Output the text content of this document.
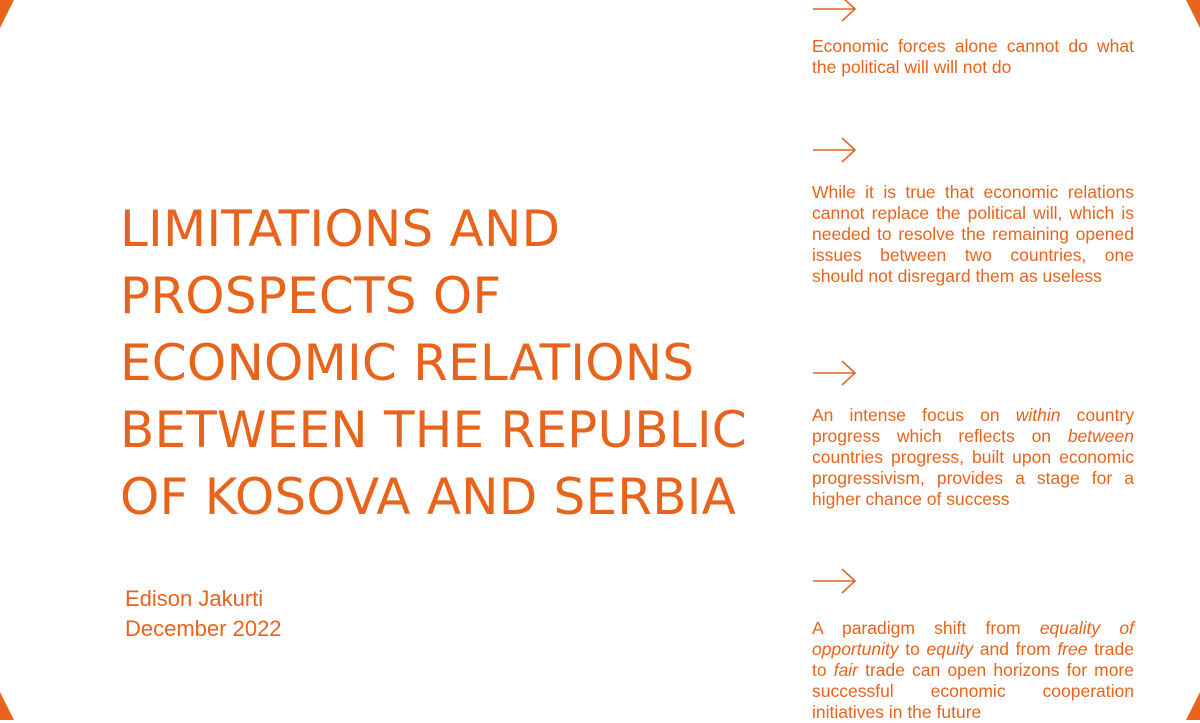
LIMITATIONS AND PROSPECTS OF ECONOMIC RELATIONS BETWEEN THE REPUBLIC OF KOSOVA AND SERBIA
Edison Jakurti
December 2022
Economic forces alone cannot do what the political will will not do
While it is true that economic relations cannot replace the political will, which is needed to resolve the remaining opened issues between two countries, one should not disregard them as useless
An intense focus on within country progress which reflects on between countries progress, built upon economic progressivism, provides a stage for a higher chance of success
A paradigm shift from equality of opportunity to equity and from free trade to fair trade can open horizons for more successful economic cooperation initiatives in the future
